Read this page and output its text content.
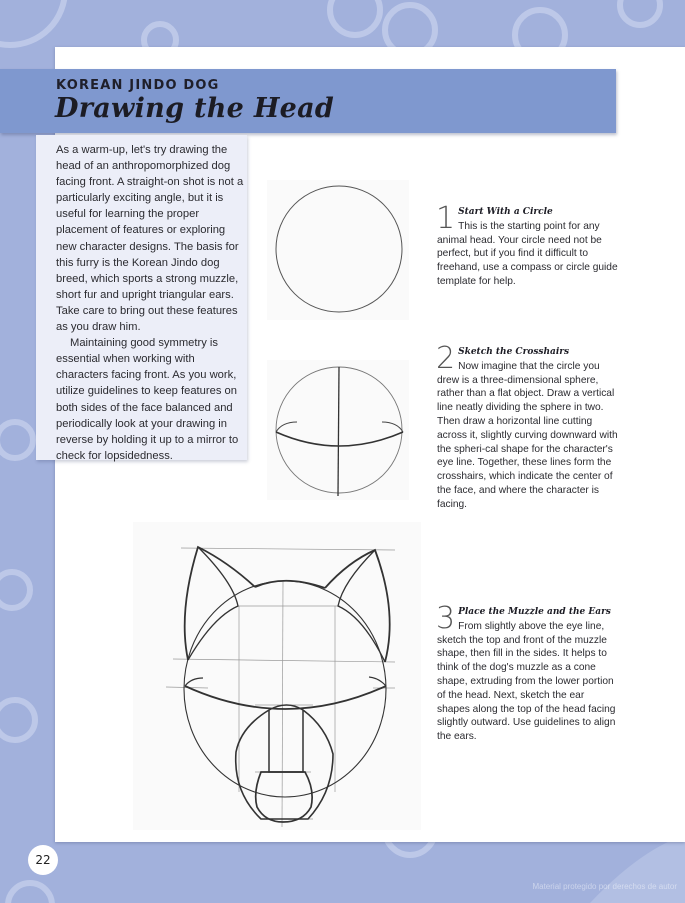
KOREAN JINDO DOG
Drawing the Head

As a warm-up, let's try drawing the head of an anthropomorphized dog facing front. A straight-on shot is not a particularly exciting angle, but it is useful for learning the proper placement of features or exploring new character designs. The basis for this furry is the Korean Jindo dog breed, which sports a strong muzzle, short fur and upright triangular ears. Take care to bring out these features as you draw him.

Maintaining good symmetry is essential when working with characters facing front. As you work, utilize guidelines to keep features on both sides of the face balanced and periodically look at your drawing in reverse by holding it up to a mirror to check for lopsidedness.

1 Start With a Circle
This is the starting point for any animal head. Your circle need not be perfect, but if you find it difficult to freehand, use a compass or circle guide template for help.
2 Sketch the Crosshairs
Now imagine that the circle you drew is a three-dimensional sphere, rather than a flat object. Draw a vertical line neatly dividing the sphere in two. Then draw a horizontal line cutting across it, slightly curving downward with the spheri-cal shape for the character's eye line. Together, these lines form the crosshairs, which indicate the center of the face, and where the character is facing.
3 Place the Muzzle and the Ears
From slightly above the eye line, sketch the top and front of the muzzle shape, then fill in the sides. It helps to think of the dog's muzzle as a cone shape, extruding from the lower portion of the head. Next, sketch the ear shapes along the top of the head facing slightly outward. Use guidelines to align the ears.
22
Material protegido por derechos de autor
